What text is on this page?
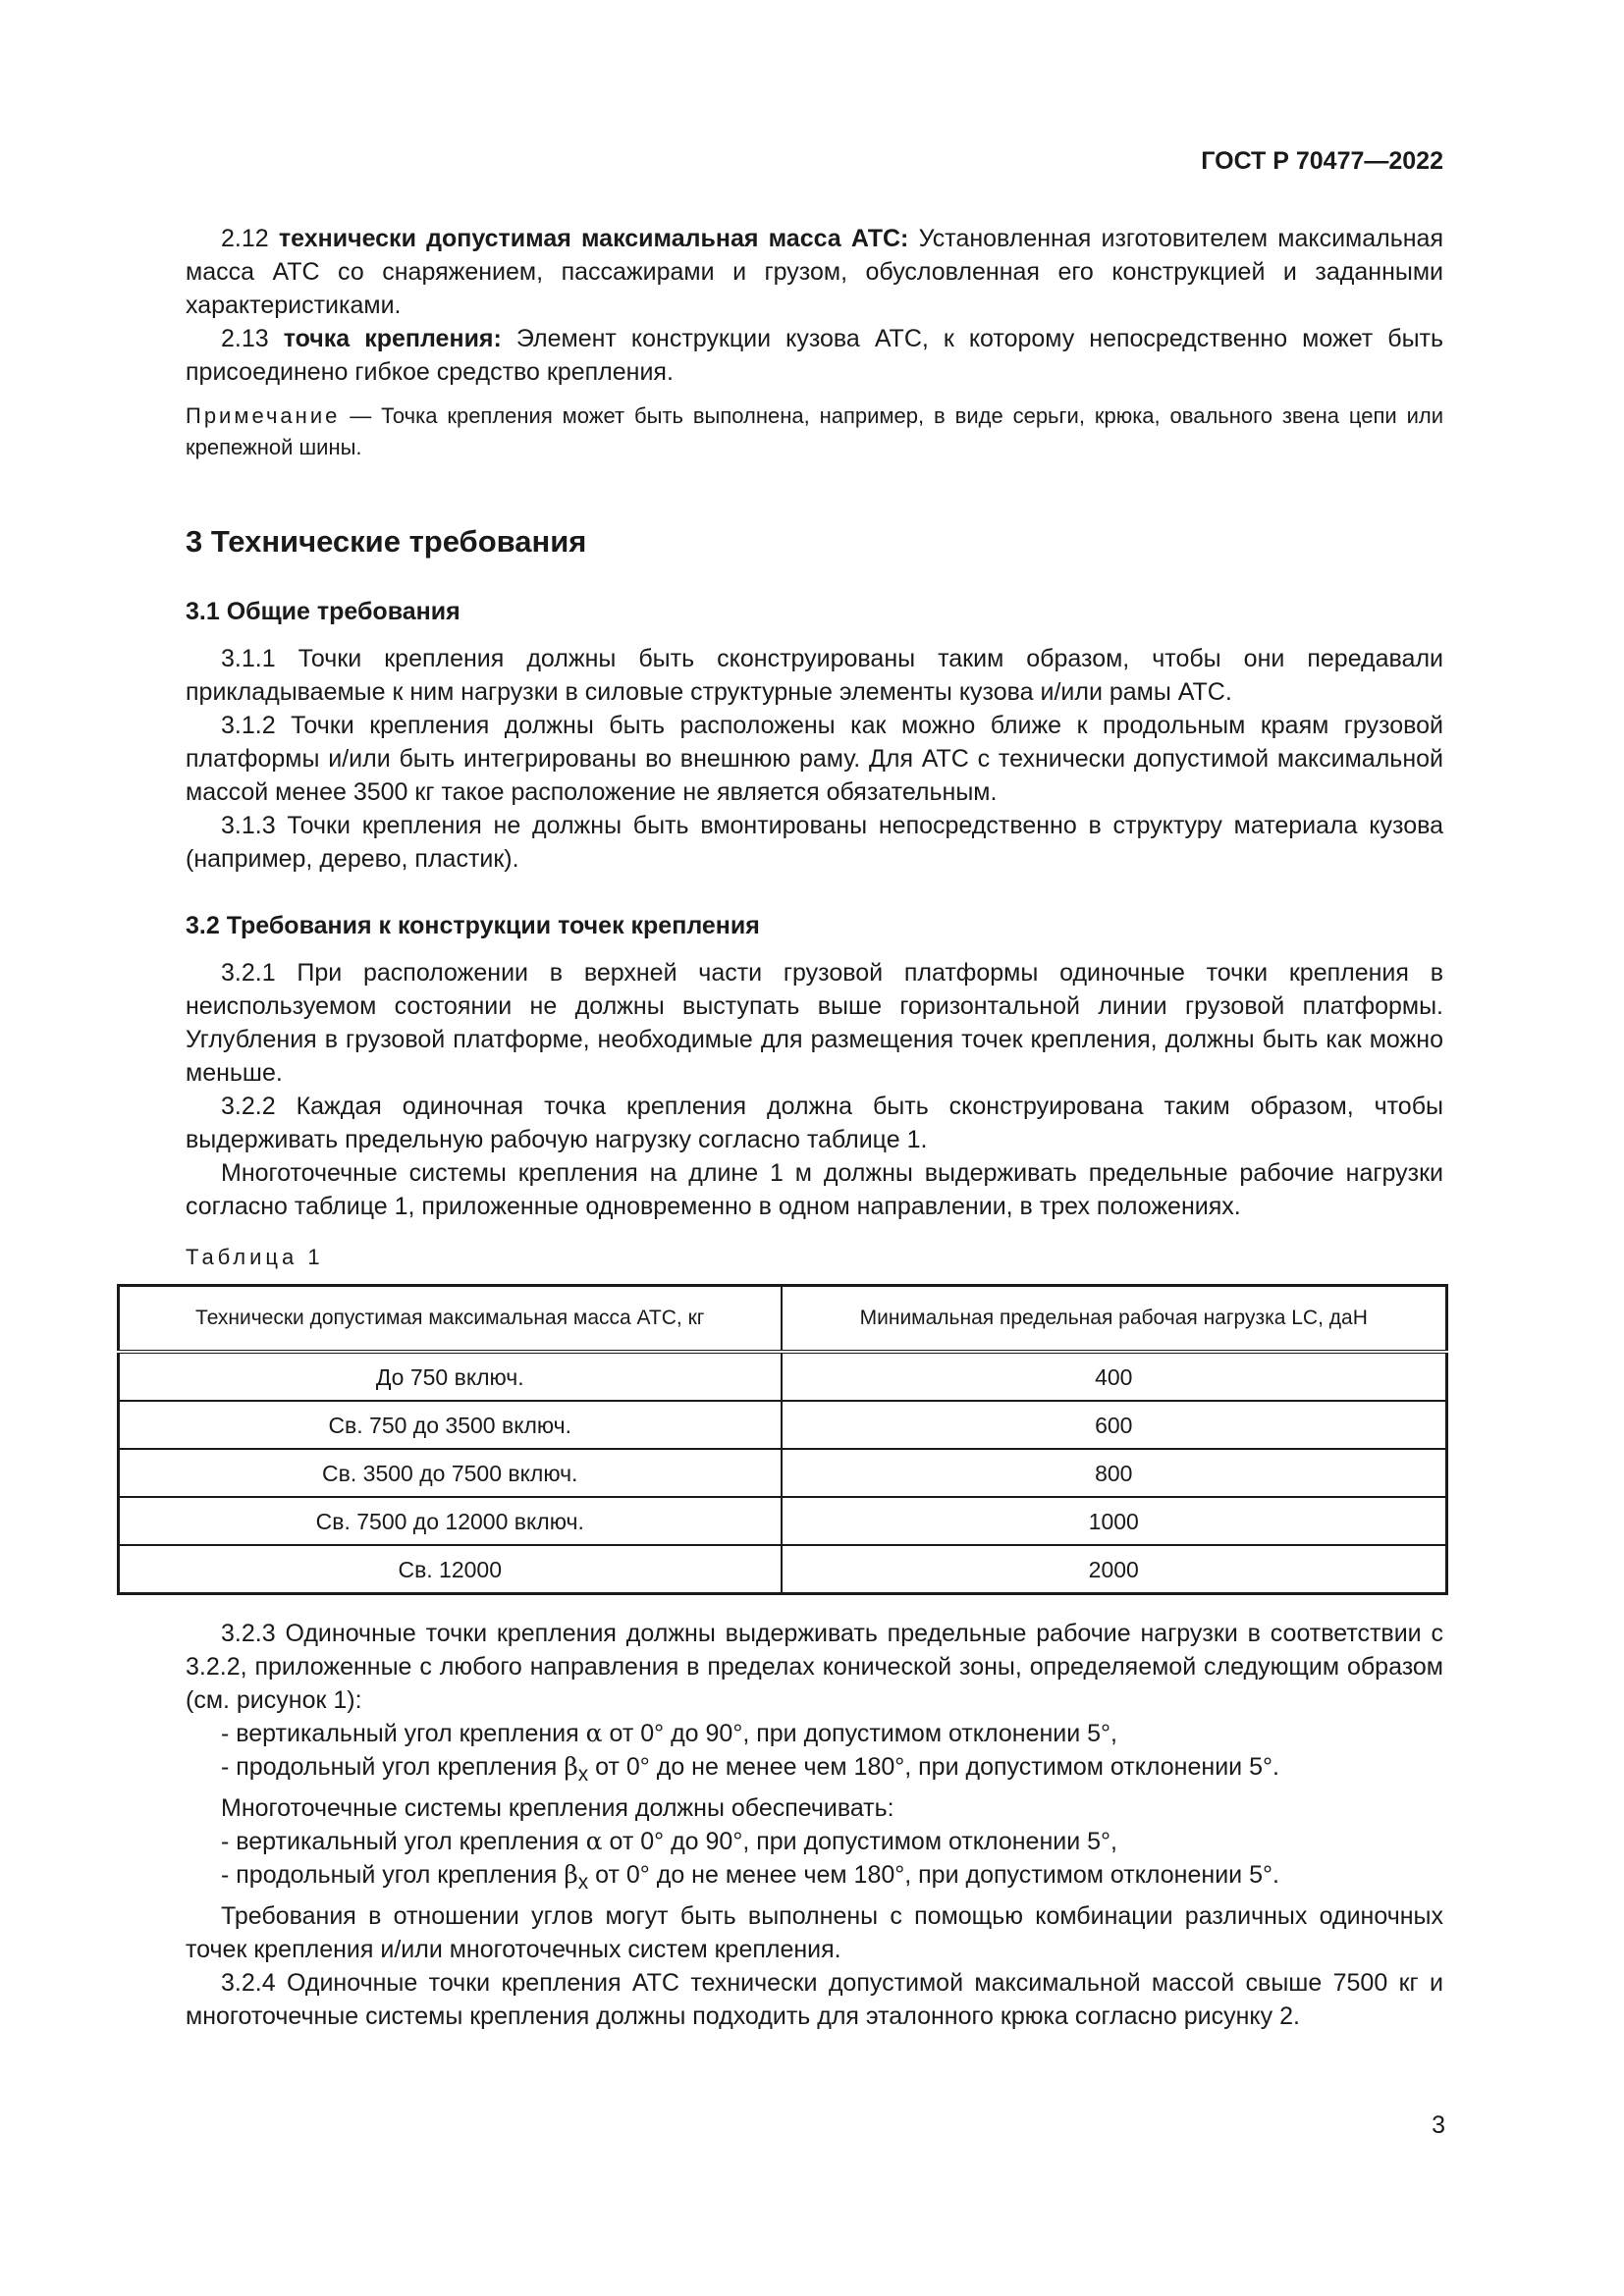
ГОСТ Р 70477—2022

2.12 технически допустимая максимальная масса АТС: Установленная изготовителем максимальная масса АТС со снаряжением, пассажирами и грузом, обусловленная его конструкцией и заданными характеристиками.

2.13 точка крепления: Элемент конструкции кузова АТС, к которому непосредственно может быть присоединено гибкое средство крепления.

Примечание — Точка крепления может быть выполнена, например, в виде серьги, крюка, овального звена цепи или крепежной шины.

3 Технические требования
3.1 Общие требования

3.1.1 Точки крепления должны быть сконструированы таким образом, чтобы они передавали прикладываемые к ним нагрузки в силовые структурные элементы кузова и/или рамы АТС.

3.1.2 Точки крепления должны быть расположены как можно ближе к продольным краям грузовой платформы и/или быть интегрированы во внешнюю раму. Для АТС с технически допустимой максимальной массой менее 3500 кг такое расположение не является обязательным.

3.1.3 Точки крепления не должны быть вмонтированы непосредственно в структуру материала кузова (например, дерево, пластик).

3.2 Требования к конструкции точек крепления

3.2.1 При расположении в верхней части грузовой платформы одиночные точки крепления в неиспользуемом состоянии не должны выступать выше горизонтальной линии грузовой платформы. Углубления в грузовой платформе, необходимые для размещения точек крепления, должны быть как можно меньше.

3.2.2 Каждая одиночная точка крепления должна быть сконструирована таким образом, чтобы выдерживать предельную рабочую нагрузку согласно таблице 1.

Многоточечные системы крепления на длине 1 м должны выдерживать предельные рабочие нагрузки согласно таблице 1, приложенные одновременно в одном направлении, в трех положениях.

Таблица 1
Технически допустимая максимальная масса АТС, кг	Минимальная предельная рабочая нагрузка LC, даН
До 750 включ.	400
Св. 750 до 3500 включ.	600
Св. 3500 до 7500 включ.	800
Св. 7500 до 12000 включ.	1000
Св. 12000	2000

3.2.3 Одиночные точки крепления должны выдерживать предельные рабочие нагрузки в соответствии с 3.2.2, приложенные с любого направления в пределах конической зоны, определяемой следующим образом (см. рисунок 1):

- вертикальный угол крепления α от 0° до 90°, при допустимом отклонении 5°,

- продольный угол крепления $\beta_x$ от 0° до не менее чем 180°, при допустимом отклонении 5°.

Многоточечные системы крепления должны обеспечивать:

- вертикальный угол крепления α от 0° до 90°, при допустимом отклонении 5°,

- продольный угол крепления $\beta_x$ от 0° до не менее чем 180°, при допустимом отклонении 5°.

Требования в отношении углов могут быть выполнены с помощью комбинации различных одиночных точек крепления и/или многоточечных систем крепления.

3.2.4 Одиночные точки крепления АТС технически допустимой максимальной массой свыше 7500 кг и многоточечные системы крепления должны подходить для эталонного крюка согласно рисунку 2.

3
